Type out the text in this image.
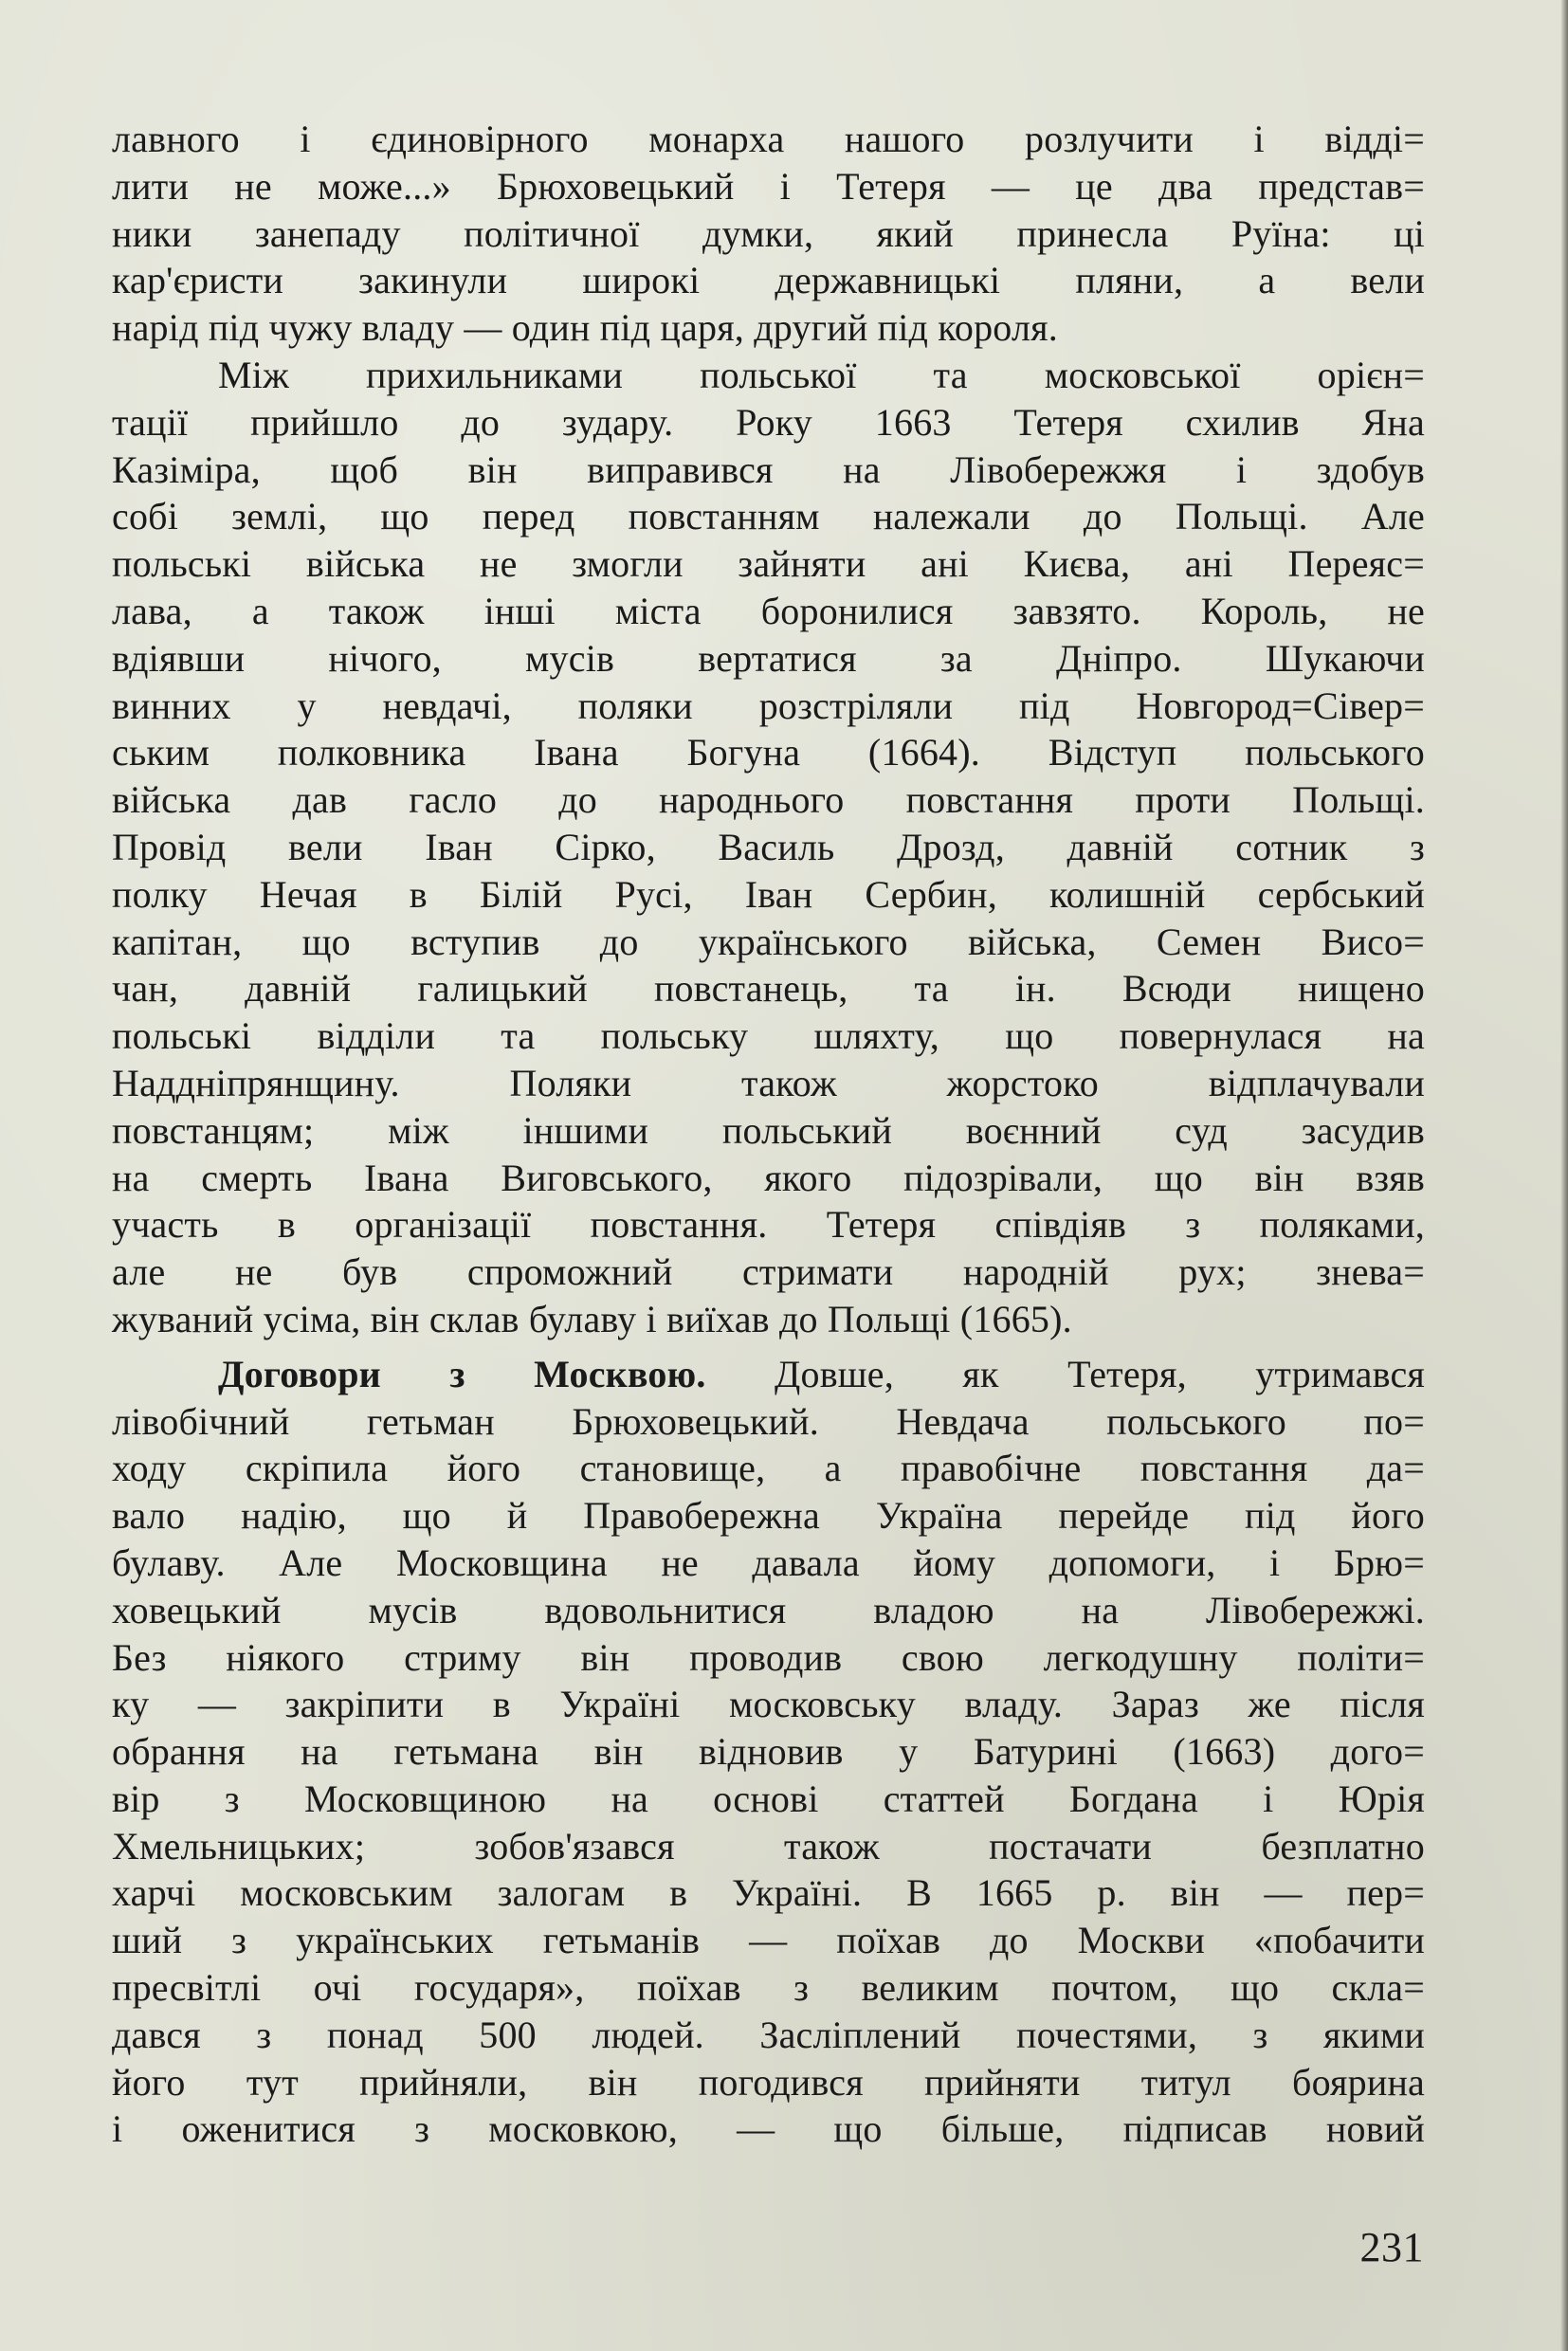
лавного і єдиновірного монарха нашого розлучити і відді=
лити не може...» Брюховецький і Тетеря — це два представ=
ники занепаду політичної думки, який принесла Руїна: ці
кар'єристи закинули широкі державницькі пляни, а вели
нарід під чужу владу — один під царя, другий під короля.
Між прихильниками польської та московської орієн=
тації прийшло до зудару. Року 1663 Тетеря схилив Яна
Казіміра, щоб він виправився на Лівобережжя і здобув
собі землі, що перед повстанням належали до Польщі. Але
польські війська не змогли зайняти ані Києва, ані Переяс=
лава, а також інші міста боронилися завзято. Король, не
вдіявши нічого, мусів вертатися за Дніпро. Шукаючи
винних у невдачі, поляки розстріляли під Новгород=Сівер=
ським полковника Івана Богуна (1664). Відступ польського
війська дав гасло до народнього повстання проти Польщі.
Провід вели Іван Сірко, Василь Дрозд, давній сотник з
полку Нечая в Білій Русі, Іван Сербин, колишній сербський
капітан, що вступив до українського війська, Семен Висо=
чан, давній галицький повстанець, та ін. Всюди нищено
польські відділи та польську шляхту, що повернулася на
Наддніпрянщину. Поляки також жорстоко відплачували
повстанцям; між іншими польський воєнний суд засудив
на смерть Івана Виговського, якого підозрівали, що він взяв
участь в організації повстання. Тетеря співдіяв з поляками,
але не був спроможний стримати народній рух; знева=
жуваний усіма, він склав булаву і виїхав до Польщі (1665).
Договори з Москвою. Довше, як Тетеря, утримався
лівобічний гетьман Брюховецький. Невдача польського по=
ходу скріпила його становище, а правобічне повстання да=
вало надію, що й Правобережна Україна перейде під його
булаву. Але Московщина не давала йому допомоги, і Брю=
ховецький мусів вдовольнитися владою на Лівобережжі.
Без ніякого стриму він проводив свою легкодушну політи=
ку — закріпити в Україні московську владу. Зараз же після
обрання на гетьмана він відновив у Батурині (1663) дого=
вір з Московщиною на основі статтей Богдана і Юрія
Хмельницьких; зобов'язався також постачати безплатно
харчі московським залогам в Україні. В 1665 р. він — пер=
ший з українських гетьманів — поїхав до Москви «побачити
пресвітлі очі государя», поїхав з великим почтом, що скла=
дався з понад 500 людей. Засліплений почестями, з якими
його тут прийняли, він погодився прийняти титул боярина
і оженитися з московкою, — що більше, підписав новий
231
